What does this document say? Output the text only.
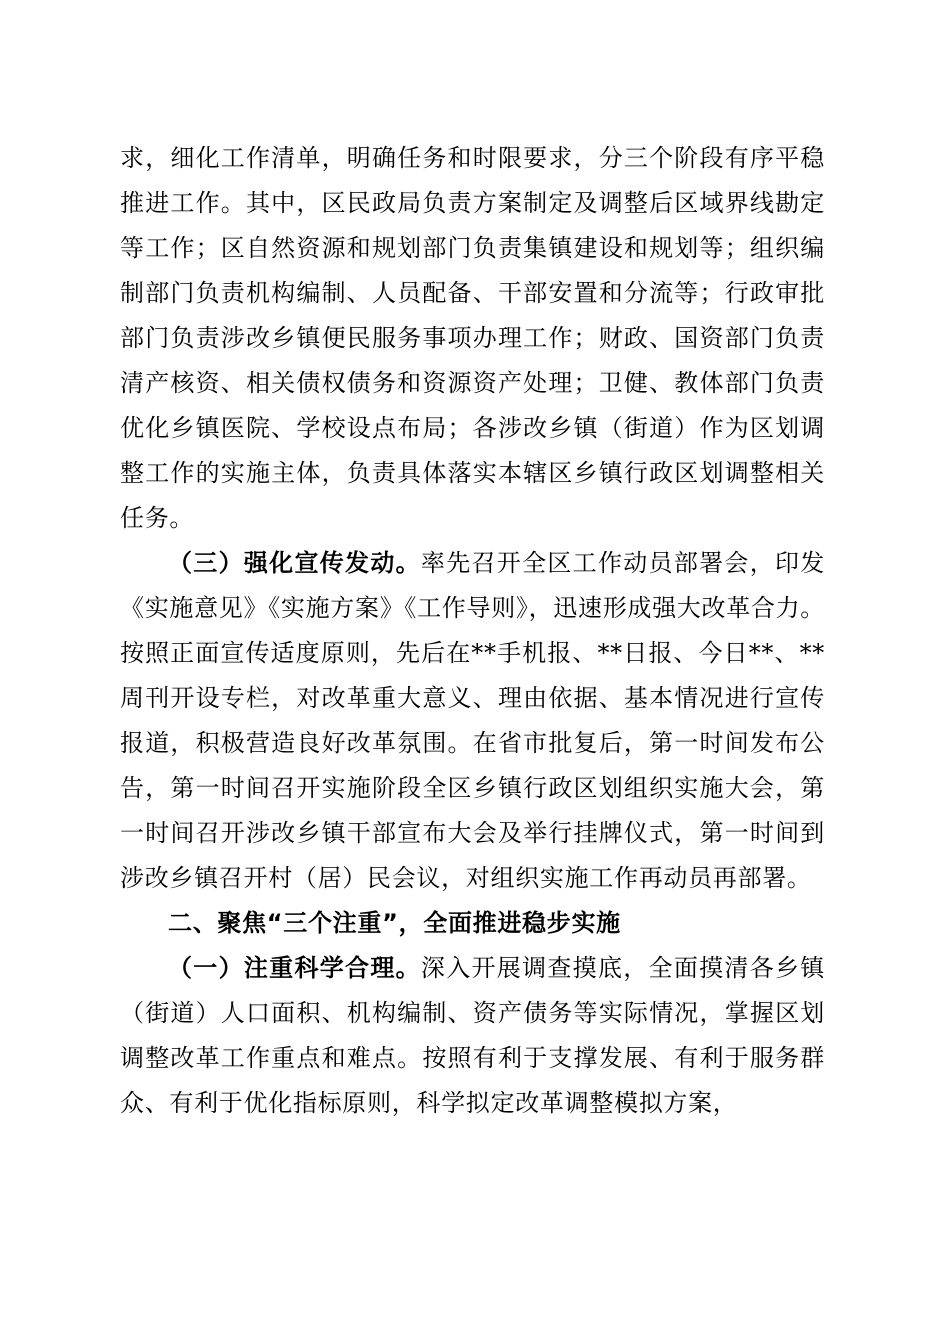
求，细化工作清单，明确任务和时限要求，分三个阶段有序平稳推进工作。其中，区民政局负责方案制定及调整后区域界线勘定等工作；区自然资源和规划部门负责集镇建设和规划等；组织编制部门负责机构编制、人员配备、干部安置和分流等；行政审批部门负责涉改乡镇便民服务事项办理工作；财政、国资部门负责清产核资、相关债权债务和资源资产处理；卫健、教体部门负责优化乡镇医院、学校设点布局；各涉改乡镇（街道）作为区划调整工作的实施主体，负责具体落实本辖区乡镇行政区划调整相关任务。

（三）强化宣传发动。率先召开全区工作动员部署会，印发《实施意见》《实施方案》《工作导则》，迅速形成强大改革合力。按照正面宣传适度原则，先后在**手机报、**日报、今日**、**周刊开设专栏，对改革重大意义、理由依据、基本情况进行宣传报道，积极营造良好改革氛围。在省市批复后，第一时间发布公告，第一时间召开实施阶段全区乡镇行政区划组织实施大会，第一时间召开涉改乡镇干部宣布大会及举行挂牌仪式，第一时间到涉改乡镇召开村（居）民会议，对组织实施工作再动员再部署。

二、聚焦“三个注重”，全面推进稳步实施

（一）注重科学合理。深入开展调查摸底，全面摸清各乡镇（街道）人口面积、机构编制、资产债务等实际情况，掌握区划调整改革工作重点和难点。按照有利于支撑发展、有利于服务群众、有利于优化指标原则，科学拟定改革调整模拟方案，
